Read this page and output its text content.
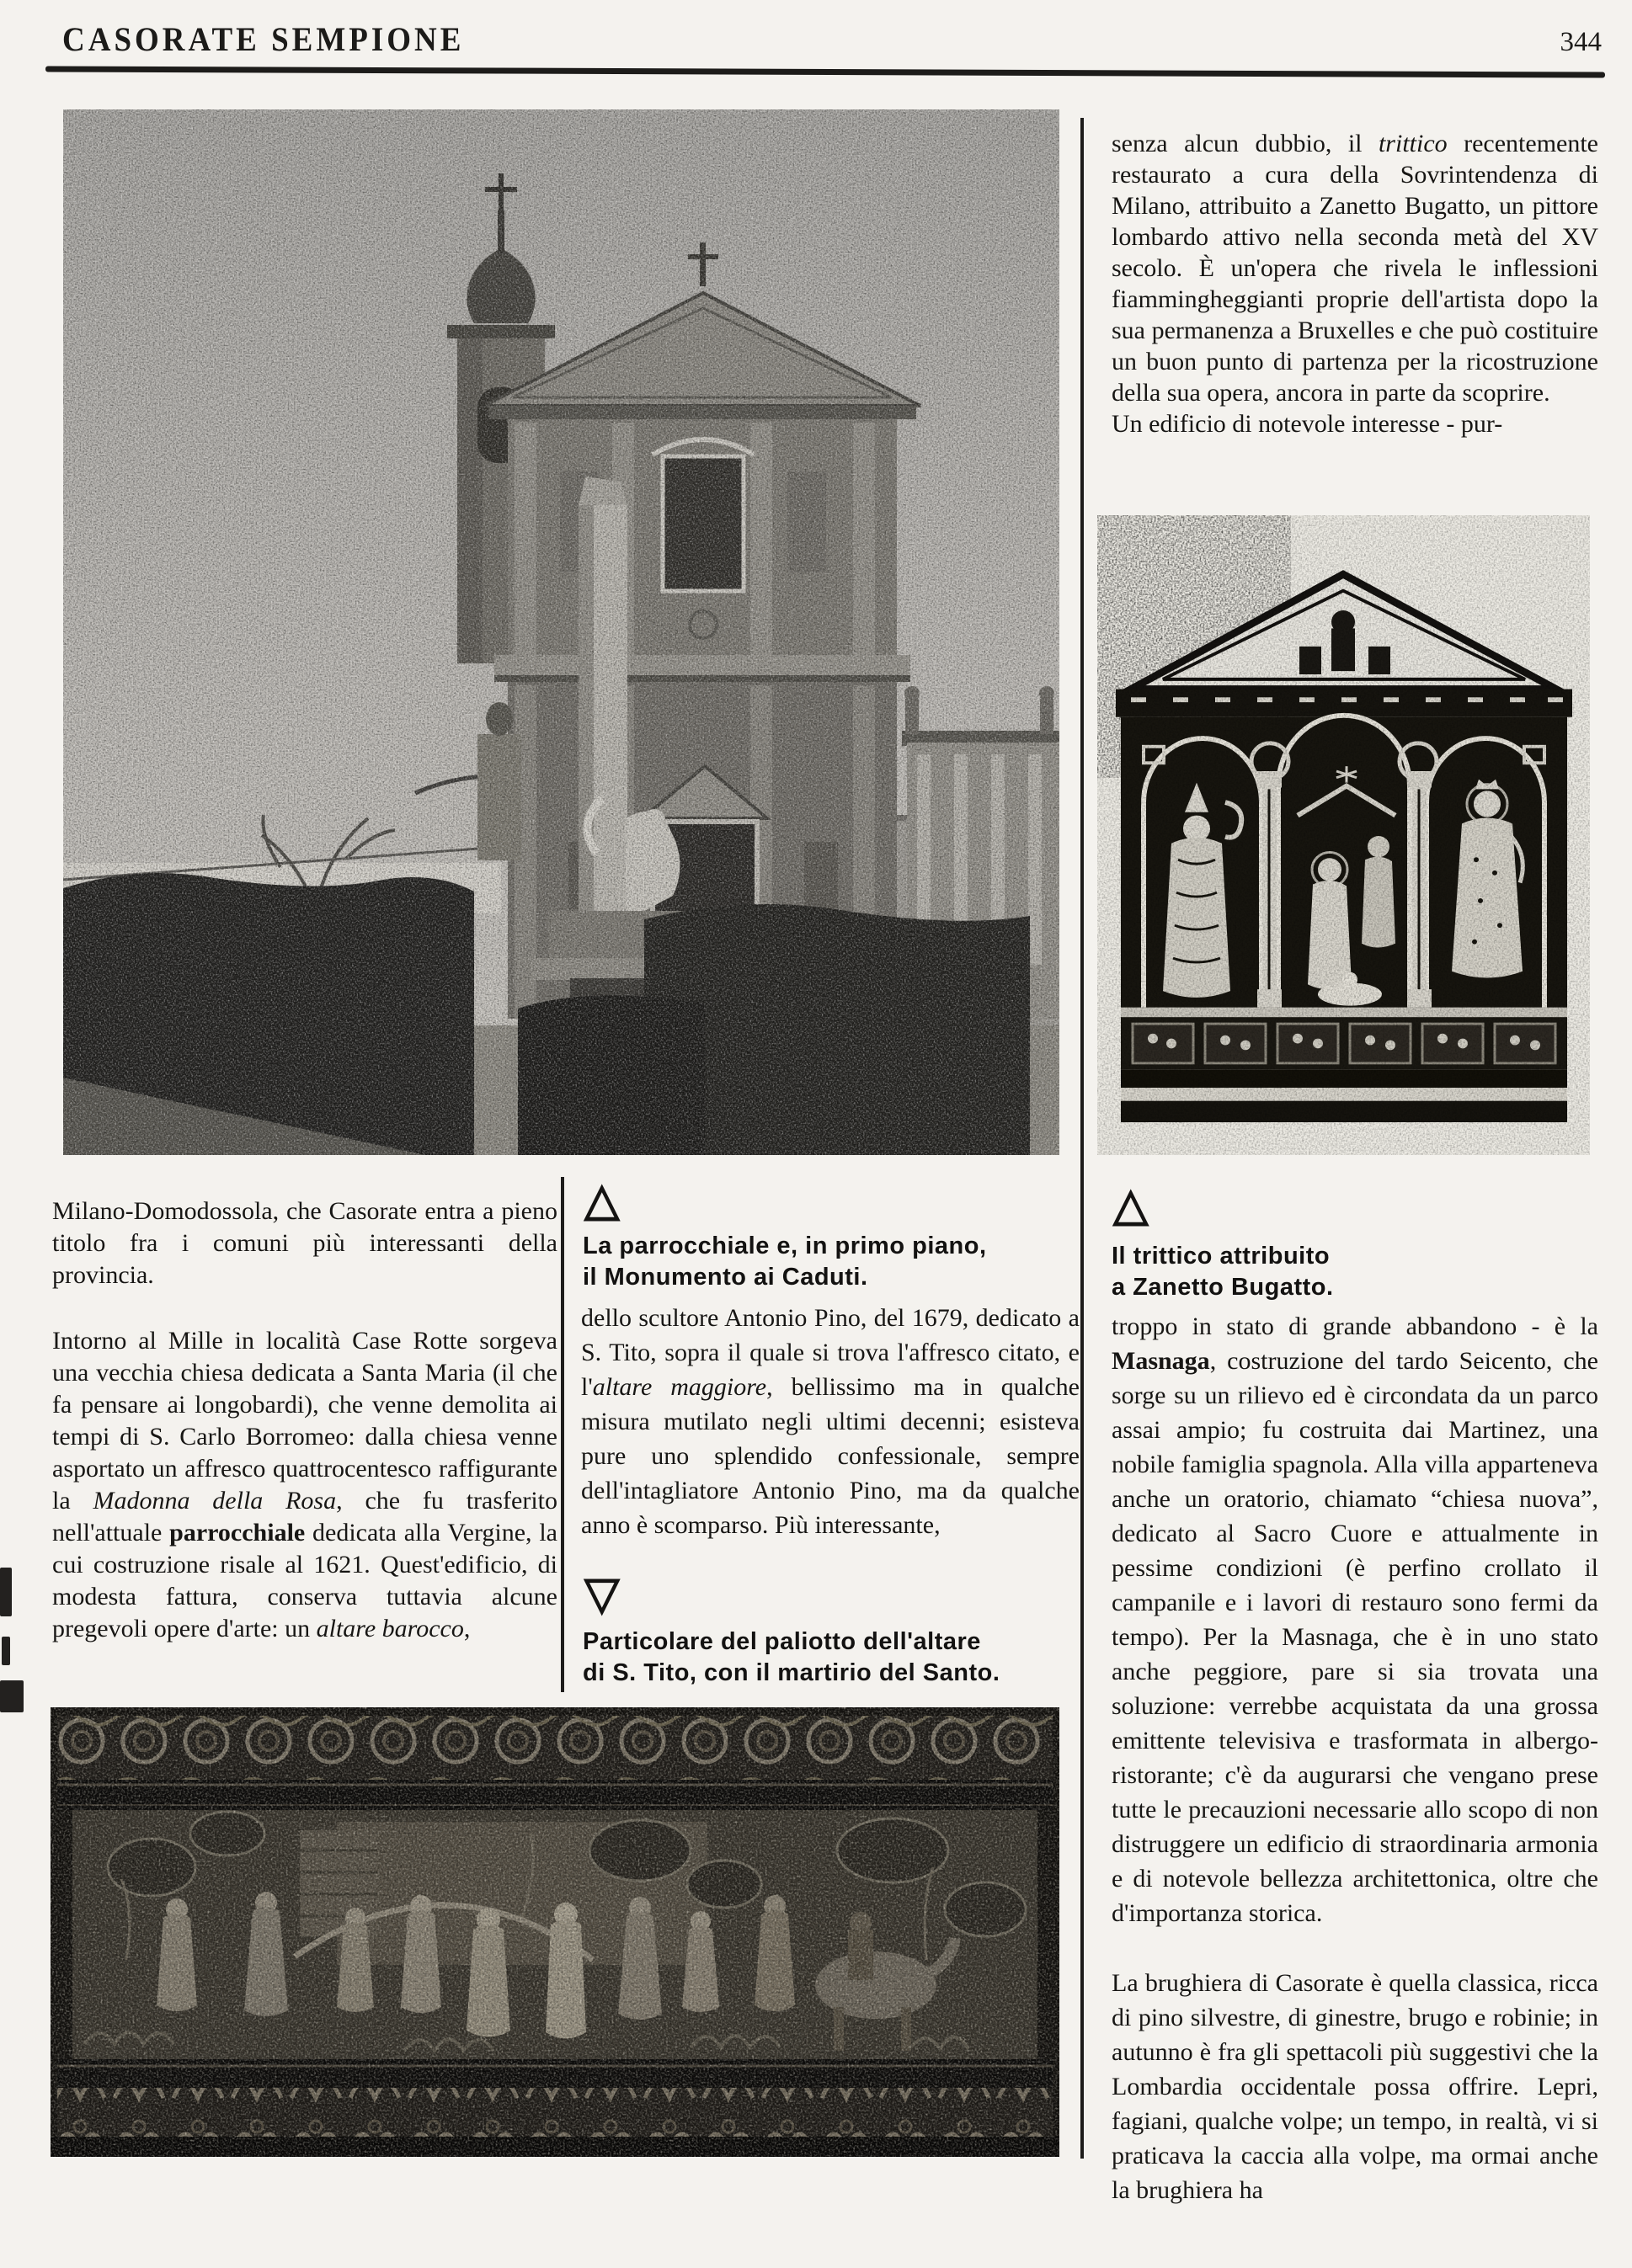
CASORATE SEMPIONE	344

senza alcun dubbio, il trittico recentemente restaurato a cura della Sovrintendenza di Milano, attribuito a Zanetto Bugatto, un pittore lombardo attivo nella seconda metà del XV secolo. È un'opera che rivela le inflessioni fiammingheggianti proprie dell'artista dopo la sua permanenza a Bruxelles e che può costituire un buon punto di partenza per la ricostruzione della sua opera, ancora in parte da scoprire.

Un edificio di notevole interesse - pur-

△
La parrocchiale e, in primo piano,
il Monumento ai Caduti.
△
Il trittico attribuito
a Zanetto Bugatto.

Milano-Domodossola, che Casorate entra a pieno titolo fra i comuni più interessanti della provincia.

Intorno al Mille in località Case Rotte sorgeva una vecchia chiesa dedicata a Santa Maria (il che fa pensare ai longobardi), che venne demolita ai tempi di S. Carlo Borromeo: dalla chiesa venne asportato un affresco quattrocentesco raffigurante la Madonna della Rosa, che fu trasferito nell'attuale parrocchiale dedicata alla Vergine, la cui costruzione risale al 1621. Quest'edificio, di modesta fattura, conserva tuttavia alcune pregevoli opere d'arte: un altare barocco,

dello scultore Antonio Pino, del 1679, dedicato a S. Tito, sopra il quale si trova l'affresco citato, e l'altare maggiore, bellissimo ma in qualche misura mutilato negli ultimi decenni; esisteva pure uno splendido confessionale, sempre dell'intagliatore Antonio Pino, ma da qualche anno è scomparso. Più interessante,

▽
Particolare del paliotto dell'altare
di S. Tito, con il martirio del Santo.

troppo in stato di grande abbandono - è la Masnaga, costruzione del tardo Seicento, che sorge su un rilievo ed è circondata da un parco assai ampio; fu costruita dai Martinez, una nobile famiglia spagnola. Alla villa apparteneva anche un oratorio, chiamato “chiesa nuova”, dedicato al Sacro Cuore e attualmente in pessime condizioni (è perfino crollato il campanile e i lavori di restauro sono fermi da tempo). Per la Masnaga, che è in uno stato anche peggiore, pare si sia trovata una soluzione: verrebbe acquistata da una grossa emittente televisiva e trasformata in albergo-ristorante; c'è da augurarsi che vengano prese tutte le precauzioni necessarie allo scopo di non distruggere un edificio di straordinaria armonia e di notevole bellezza architettonica, oltre che d'importanza storica.

La brughiera di Casorate è quella classica, ricca di pino silvestre, di ginestre, brugo e robinie; in autunno è fra gli spettacoli più suggestivi che la Lombardia occidentale possa offrire. Lepri, fagiani, qualche volpe; un tempo, in realtà, vi si praticava la caccia alla volpe, ma ormai anche la brughiera ha
